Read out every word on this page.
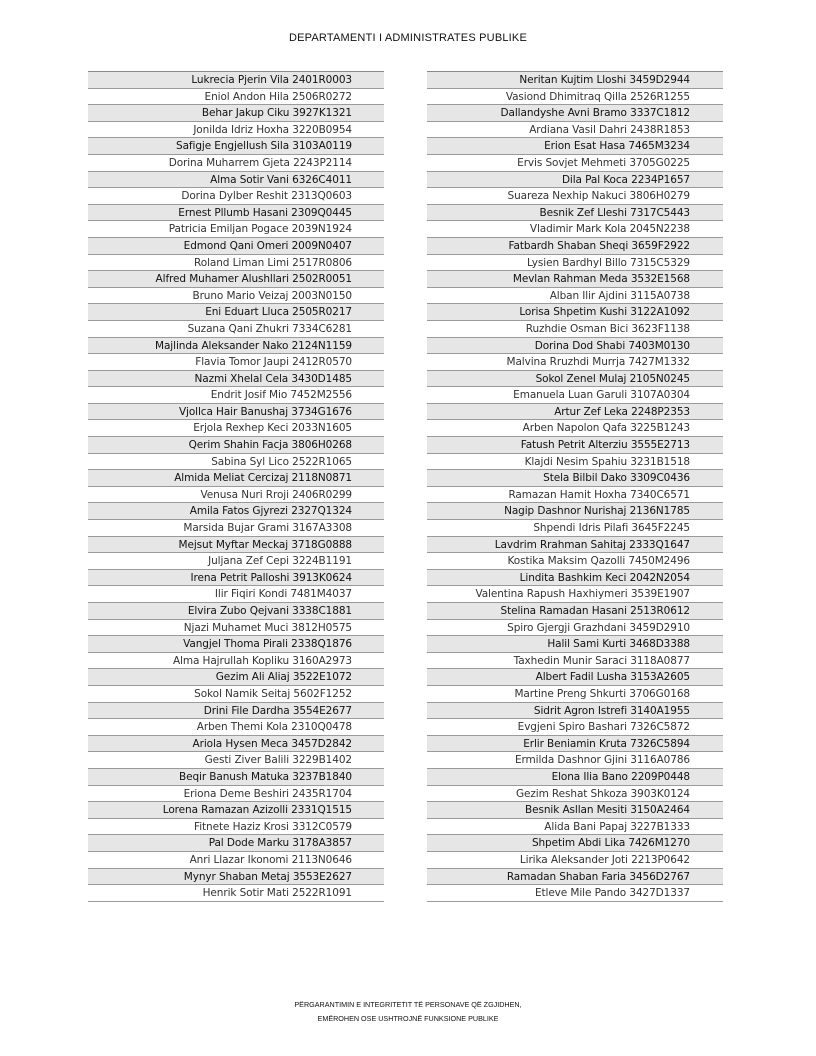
DEPARTAMENTI I ADMINISTRATES PUBLIKE
Lukrecia Pjerin Vila 2401R0003
Eniol Andon Hila 2506R0272
Behar Jakup Ciku 3927K1321
Jonilda Idriz Hoxha 3220B0954
Safigje Engjellush Sila 3103A0119
Dorina Muharrem Gjeta 2243P2114
Alma Sotir Vani 6326C4011
Dorina Dylber Reshit 2313Q0603
Ernest Pllumb Hasani 2309Q0445
Patricia Emiljan Pogace 2039N1924
Edmond Qani Omeri 2009N0407
Roland Liman Limi 2517R0806
Alfred Muhamer Alushllari 2502R0051
Bruno Mario Veizaj 2003N0150
Eni Eduart Lluca 2505R0217
Suzana Qani Zhukri 7334C6281
Majlinda Aleksander Nako 2124N1159
Flavia Tomor Jaupi 2412R0570
Nazmi Xhelal Cela 3430D1485
Endrit Josif Mio 7452M2556
Vjollca Hair Banushaj 3734G1676
Erjola Rexhep Keci 2033N1605
Qerim Shahin Facja 3806H0268
Sabina Syl Lico 2522R1065
Almida Meliat Cercizaj 2118N0871
Venusa Nuri Rroji 2406R0299
Amila Fatos Gjyrezi 2327Q1324
Marsida Bujar Grami 3167A3308
Mejsut Myftar Meckaj 3718G0888
Juljana Zef Cepi 3224B1191
Irena Petrit Palloshi 3913K0624
Ilir Fiqiri Kondi 7481M4037
Elvira Zubo Qejvani 3338C1881
Njazi Muhamet Muci 3812H0575
Vangjel Thoma Pirali 2338Q1876
Alma Hajrullah Kopliku 3160A2973
Gezim Ali Aliaj 3522E1072
Sokol Namik Seitaj 5602F1252
Drini File Dardha 3554E2677
Arben Themi Kola 2310Q0478
Ariola Hysen Meca 3457D2842
Gesti Ziver Balili 3229B1402
Beqir Banush Matuka 3237B1840
Eriona Deme Beshiri 2435R1704
Lorena Ramazan Azizolli 2331Q1515
Fitnete Haziz Krosi 3312C0579
Pal Dode Marku 3178A3857
Anri Llazar Ikonomi 2113N0646
Mynyr Shaban Metaj 3553E2627
Henrik Sotir Mati 2522R1091
Neritan Kujtim Lloshi 3459D2944
Vasiond Dhimitraq Qilla 2526R1255
Dallandyshe Avni Bramo 3337C1812
Ardiana Vasil Dahri 2438R1853
Erion Esat Hasa 7465M3234
Ervis Sovjet Mehmeti 3705G0225
Dila Pal Koca 2234P1657
Suareza Nexhip Nakuci 3806H0279
Besnik Zef Lleshi 7317C5443
Vladimir Mark Kola 2045N2238
Fatbardh Shaban Sheqi 3659F2922
Lysien Bardhyl Billo 7315C5329
Mevlan Rahman Meda 3532E1568
Alban Ilir Ajdini 3115A0738
Lorisa Shpetim Kushi 3122A1092
Ruzhdie Osman Bici 3623F1138
Dorina Dod Shabi 7403M0130
Malvina Rruzhdi Murrja 7427M1332
Sokol Zenel Mulaj 2105N0245
Emanuela Luan Garuli 3107A0304
Artur Zef Leka 2248P2353
Arben Napolon Qafa 3225B1243
Fatush Petrit Alterziu 3555E2713
Klajdi Nesim Spahiu 3231B1518
Stela Bilbil Dako 3309C0436
Ramazan Hamit Hoxha 7340C6571
Nagip Dashnor Nurishaj 2136N1785
Shpendi Idris Pilafi 3645F2245
Lavdrim Rrahman Sahitaj 2333Q1647
Kostika Maksim Qazolli 7450M2496
Lindita Bashkim Keci 2042N2054
Valentina Rapush Haxhiymeri 3539E1907
Stelina Ramadan Hasani 2513R0612
Spiro Gjergji Grazhdani 3459D2910
Halil Sami Kurti 3468D3388
Taxhedin Munir Saraci 3118A0877
Albert Fadil Lusha 3153A2605
Martine Preng Shkurti 3706G0168
Sidrit Agron Istrefi 3140A1955
Evgjeni Spiro Bashari 7326C5872
Erlir Beniamin Kruta 7326C5894
Ermilda Dashnor Gjini 3116A0786
Elona Ilia Bano 2209P0448
Gezim Reshat Shkoza 3903K0124
Besnik Asllan Mesiti 3150A2464
Alida Bani Papaj 3227B1333
Shpetim Abdi Lika 7426M1270
Lirika Aleksander Joti 2213P0642
Ramadan Shaban Faria 3456D2767
Etleve Mile Pando 3427D1337
PËRGARANTIMIN E INTEGRITETIT TË PERSONAVE QË ZGJIDHEN,
EMËROHEN OSE USHTROJNË FUNKSIONE PUBLIKE
